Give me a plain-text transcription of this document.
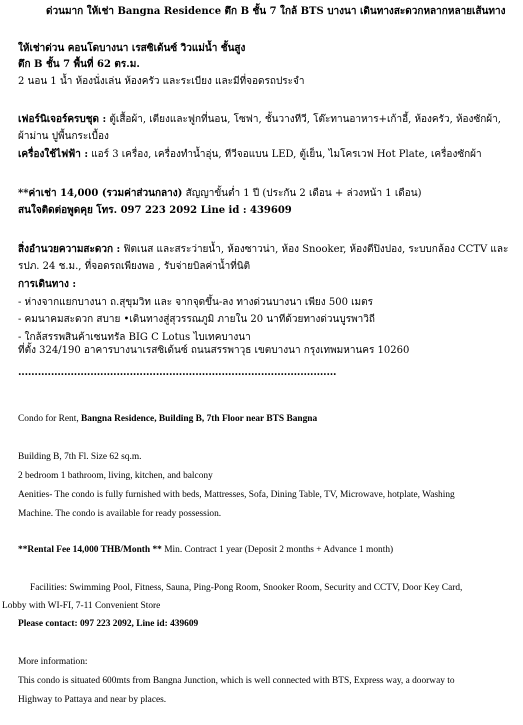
ด่วนมาก ให้เช่า Bangna Residence ตึก B ชั้น 7 ใกล้ BTS บางนา เดินทางสะดวกหลากหลายเส้นทาง
ให้เช่าด่วน คอนโดบางนา เรสซิเด้นซ์ วิวแม่น้ำ ชั้นสูง
ตึก B ชั้น 7 พื้นที่ 62 ตร.ม.
2 นอน 1 น้ำ ห้องนั่งเล่น ห้องครัว และระเบียง และมีที่จอดรถประจำ
เฟอร์นิเจอร์ครบชุด : ตู้เสื้อผ้า, เตียงและฟูกที่นอน, โซฟา, ชั้นวางทีวี, โต๊ะทานอาหาร+เก้าอี้, ห้องครัว, ห้องซักผ้า,
ผ้าม่าน ปูพื้นกระเบื้อง
เครื่องใช้ไฟฟ้า : แอร์ 3 เครื่อง, เครื่องทำน้ำอุ่น, ทีวีจอแบน LED, ตู้เย็น, ไมโครเวฟ Hot Plate, เครื่องซักผ้า
**ค่าเช่า 14,000 (รวมค่าส่วนกลาง) สัญญาขั้นต่ำ 1 ปี (ประกัน 2 เดือน + ล่วงหน้า 1 เดือน)
สนใจติดต่อพูดคุย โทร. 097 223 2092 Line id : 439609
สิ่งอำนวยความสะดวก : ฟิตเนส และสระว่ายน้ำ, ห้องซาวน่า, ห้อง Snooker, ห้องตีปิงปอง, ระบบกล้อง CCTV และ
รปภ. 24 ช.ม., ที่จอดรถเพียงพอ , รับจ่ายบิลค่าน้ำที่นิติ
การเดินทาง :
- ห่างจากแยกบางนา ถ.สุขุมวิท และ จากจุดขึ้น-ลง ทางด่วนบางนา เพียง 500 เมตร
- คมนาคมสะดวก สบาย •เดินทางสู่สุวรรณภูมิ ภายใน 20 นาทีด้วยทางด่วนบูรพาวิถี
- ใกล้สรรพสินค้าเซนทรัล BIG C Lotus ไบเทคบางนา
ที่ตั้ง 324/190 อาคารบางนาเรสซิเด้นซ์ ถนนสรรพาวุธ เขตบางนา กรุงเทพมหานคร 10260
.................................................................................................
Condo for Rent, Bangna Residence, Building B, 7th Floor near BTS Bangna
Building B, 7th Fl. Size 62 sq.m.
2 bedroom 1 bathroom, living, kitchen, and balcony
Aenities- The condo is fully furnished with beds, Mattresses, Sofa, Dining Table, TV, Microwave, hotplate, Washing
Machine. The condo is available for ready possession.
**Rental Fee 14,000 THB/Month ** Min. Contract 1 year (Deposit 2 months + Advance 1 month)
Facilities: Swimming Pool, Fitness, Sauna, Ping-Pong Room, Snooker Room, Security and CCTV, Door Key Card,
Lobby with WI-FI, 7-11 Convenient Store
Please contact: 097 223 2092, Line id: 439609
More information:
This condo is situated 600mts from Bangna Junction, which is well connected with BTS, Express way, a doorway to
Highway to Pattaya and near by places.
